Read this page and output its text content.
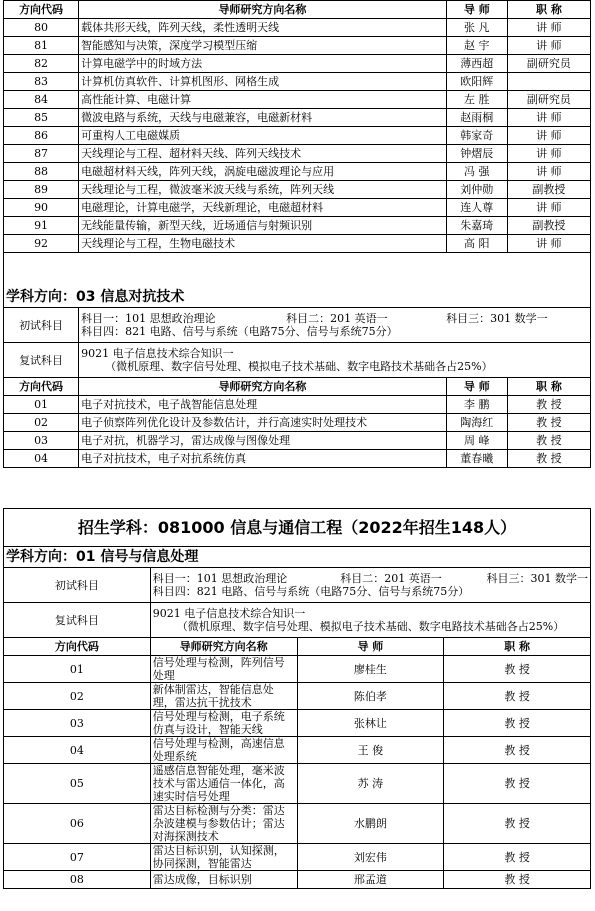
方向代码	导师研究方向名称	导 师	职 称
80	载体共形天线，阵列天线，柔性透明天线	张 凡	讲 师
81	智能感知与决策，深度学习模型压缩	赵 宇	讲 师
82	计算电磁学中的时域方法	薄西超	副研究员
83	计算机仿真软件、计算机图形、网格生成	欧阳辉	
84	高性能计算、电磁计算	左 胜	副研究员
85	微波电路与系统，天线与电磁兼容，电磁新材料	赵雨桐	讲 师
86	可重构人工电磁媒质	韩家奇	讲 师
87	天线理论与工程、超材料天线、阵列天线技术	钟熠辰	讲 师
88	电磁超材料天线，阵列天线，涡旋电磁波理论与应用	冯 强	讲 师
89	天线理论与工程，微波毫米波天线与系统，阵列天线	刘仲勋	副教授
90	电磁理论，计算电磁学，天线新理论，电磁超材料	连人尊	讲 师
91	无线能量传输，新型天线，近场通信与射频识别	朱嘉琦	副教授
92	天线理论与工程，生物电磁技术	高 阳	讲 师

学科方向：03 信息对抗技术			
初试科目	科目一：101 思想政治理论 科目二：201 英语一 科目三：301 数学一
科目四：821 电路、信号与系统（电路75分、信号与系统75分）		

复试科目	9021 电子信息技术综合知识一
（微机原理、数字信号处理、模拟电子技术基础、数字电路技术基础各占25%）		

方向代码	导师研究方向名称	导 师	职 称
01	电子对抗技术，电子战智能信息处理	李 鹏	教 授
02	电子侦察阵列优化设计及参数估计，并行高速实时处理技术	陶海红	教 授
03	电子对抗，机器学习，雷达成像与图像处理	周 峰	教 授
04	电子对抗技术，电子对抗系统仿真	董春曦	教 授
招生学科：081000 信息与通信工程（2022年招生148人）			
学科方向：01 信号与信息处理			
初试科目	科目一：101 思想政治理论 科目二：201 英语一 科目三：301 数学一
科目四：821 电路、信号与系统（电路75分、信号与系统75分）		

复试科目	9021 电子信息技术综合知识一
（微机原理、数字信号处理、模拟电子技术基础、数字电路技术基础各占25%）		

方向代码	导师研究方向名称	导 师	职 称
01	信号处理与检测，阵列信号处理	廖桂生	教 授
02	新体制雷达，智能信息处理，雷达抗干扰技术	陈伯孝	教 授
03	信号处理与检测，电子系统仿真与设计，智能天线	张林让	教 授
04	信号处理与检测，高速信息处理系统	王 俊	教 授
05	遥感信息智能处理，毫米波技术与雷达通信一体化，高速实时信号处理	苏 涛	教 授
06	雷达目标检测与分类：雷达杂波建模与参数估计；雷达对海探测技术	水鹏朗	教 授
07	雷达目标识别，认知探测，协同探测，智能雷达	刘宏伟	教 授
08	雷达成像，目标识别	邢孟道	教 授
